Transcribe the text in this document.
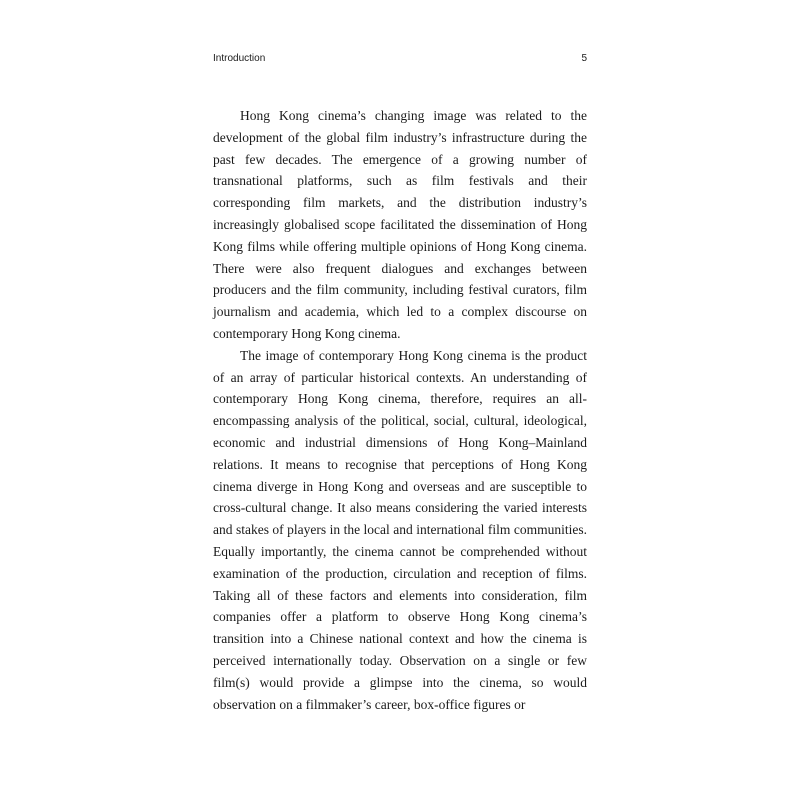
Introduction	5

Hong Kong cinema’s changing image was related to the development of the global film industry’s infrastructure during the past few decades. The emergence of a growing number of transnational platforms, such as film festivals and their corresponding film markets, and the distribution industry’s increasingly globalised scope facilitated the dissemination of Hong Kong films while offering multiple opinions of Hong Kong cinema. There were also frequent dialogues and exchanges between producers and the film community, including festival curators, film journalism and academia, which led to a complex discourse on contemporary Hong Kong cinema.

The image of contemporary Hong Kong cinema is the product of an array of particular historical contexts. An understanding of contemporary Hong Kong cinema, therefore, requires an all-encompassing analysis of the political, social, cultural, ideological, economic and industrial dimensions of Hong Kong–Mainland relations. It means to recognise that perceptions of Hong Kong cinema diverge in Hong Kong and overseas and are susceptible to cross-cultural change. It also means considering the varied interests and stakes of players in the local and international film communities. Equally importantly, the cinema cannot be comprehended without examination of the production, circulation and reception of films. Taking all of these factors and elements into consideration, film companies offer a platform to observe Hong Kong cinema’s transition into a Chinese national context and how the cinema is perceived internationally today. Observation on a single or few film(s) would provide a glimpse into the cinema, so would observation on a filmmaker’s career, box-office figures or
